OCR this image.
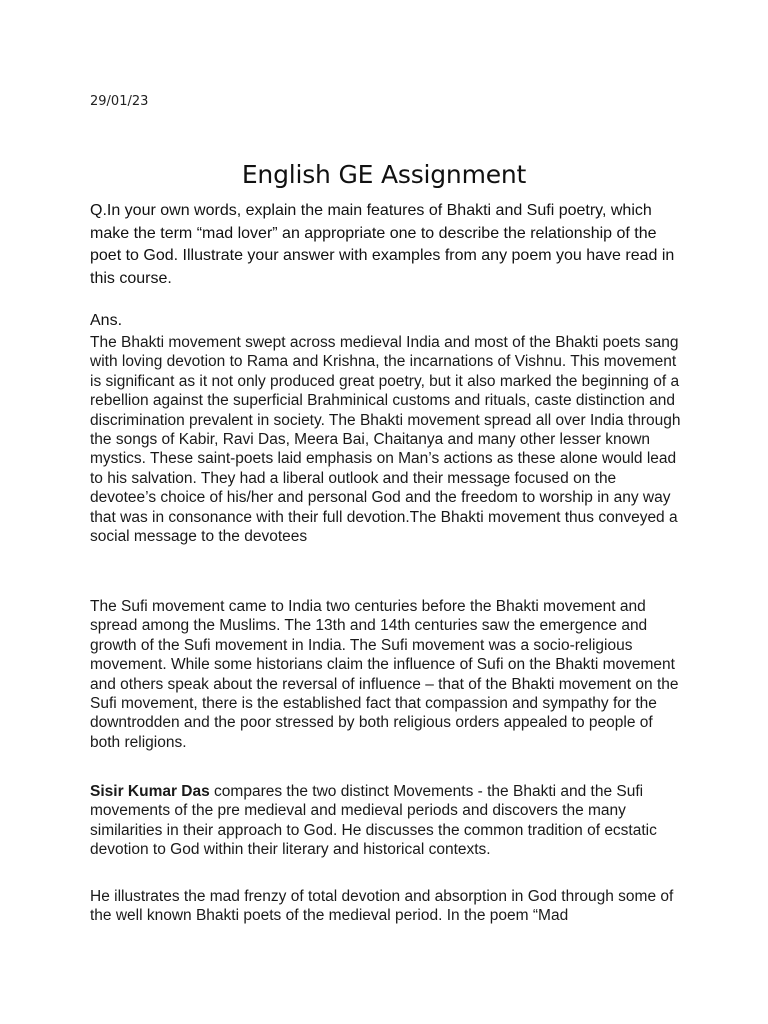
29/01/23
English GE Assignment
Q.In your own words, explain the main features of Bhakti and Sufi poetry, which make the term “mad lover” an appropriate one to describe the relationship of the poet to God. Illustrate your answer with examples from any poem you have read in this course.
Ans.

The Bhakti movement swept across medieval India and most of the Bhakti poets sang with loving devotion to Rama and Krishna, the incarnations of Vishnu. This movement is significant as it not only produced great poetry, but it also marked the beginning of a rebellion against the superficial Brahminical customs and rituals, caste distinction and discrimination prevalent in society. The Bhakti movement spread all over India through the songs of Kabir, Ravi Das, Meera Bai, Chaitanya and many other lesser known mystics. These saint-poets laid emphasis on Man’s actions as these alone would lead to his salvation. They had a liberal outlook and their message focused on the devotee’s choice of his/her and personal God and the freedom to worship in any way that was in consonance with their full devotion.The Bhakti movement thus conveyed a social message to the devotees

The Sufi movement came to India two centuries before the Bhakti movement and spread among the Muslims. The 13th and 14th centuries saw the emergence and growth of the Sufi movement in India. The Sufi movement was a socio-religious movement. While some historians claim the influence of Sufi on the Bhakti movement and others speak about the reversal of influence – that of the Bhakti movement on the Sufi movement, there is the established fact that compassion and sympathy for the downtrodden and the poor stressed by both religious orders appealed to people of both religions.

Sisir Kumar Das compares the two distinct Movements - the Bhakti and the Sufi movements of the pre medieval and medieval periods and discovers the many similarities in their approach to God. He discusses the common tradition of ecstatic devotion to God within their literary and historical contexts.

He illustrates the mad frenzy of total devotion and absorption in God through some of the well known Bhakti poets of the medieval period. In the poem “Mad
